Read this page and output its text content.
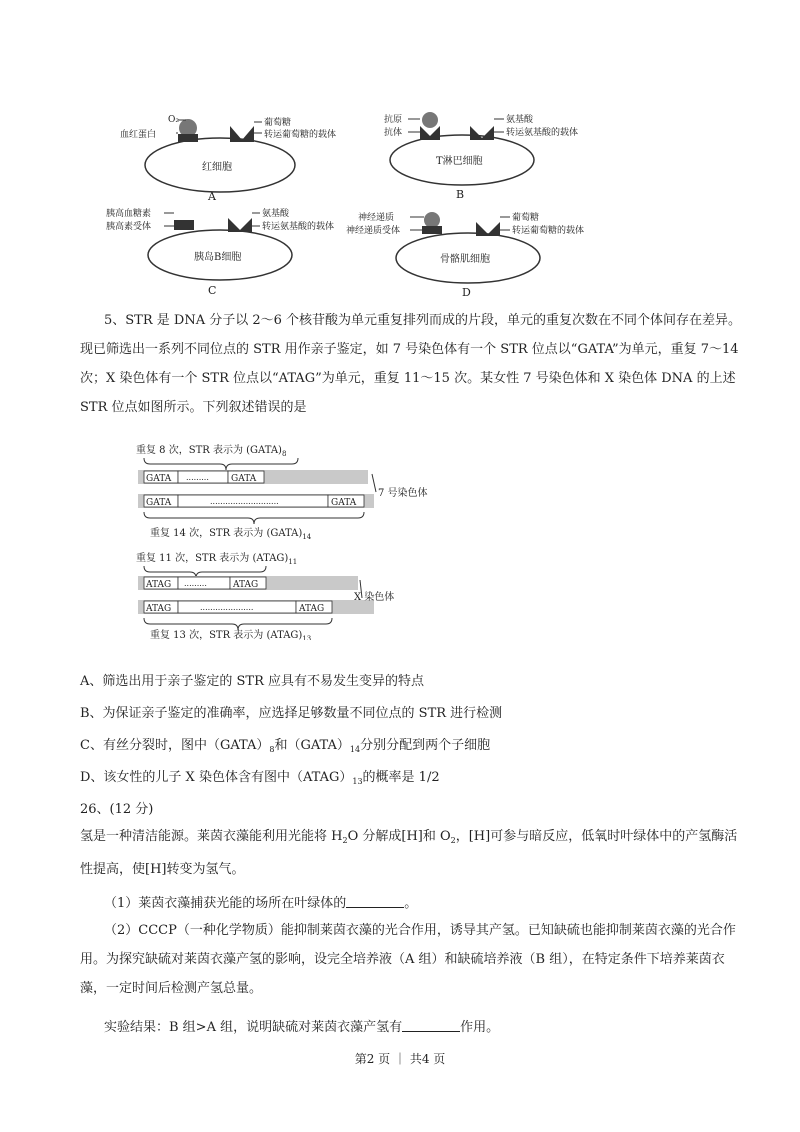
O₂
血红蛋白
葡萄糖
转运葡萄糖的载体
红细胞
A
抗原
抗体
氨基酸
转运氨基酸的载体
T淋巴细胞
B
胰高血糖素
胰高素受体
氨基酸
转运氨基酸的载体
胰岛B细胞
C
神经递质
神经递质受体
葡萄糖
转运葡萄糖的载体
骨骼肌细胞
D
5、STR 是 DNA 分子以 2～6 个核苷酸为单元重复排列而成的片段，单元的重复次数在不同个体间存在差异。现已筛选出一系列不同位点的 STR 用作亲子鉴定，如 7 号染色体有一个 STR 位点以“GATA”为单元，重复 7～14 次；X 染色体有一个 STR 位点以“ATAG”为单元，重复 11～15 次。某女性 7 号染色体和 X 染色体 DNA 的上述 STR 位点如图所示。下列叙述错误的是
重复 8 次，STR 表示为 $(GATA)_8$
GATA ......... GATA
GATA	...........................	GATA
重复 14 次，STR 表示为 $(GATA)_{14}$
7 号染色体
重复 11 次，STR 表示为 $(ATAG)_{11}$
ATAG .........	ATAG
ATAG	.....................	ATAG
重复 13 次，STR 表示为 $(ATAG)_{13}$
X 染色体
A、筛选出用于亲子鉴定的 STR 应具有不易发生变异的特点
B、为保证亲子鉴定的准确率，应选择足够数量不同位点的 STR 进行检测
C、有丝分裂时，图中$(GATA)_8$和$(GATA)_{14}$分别分配到两个子细胞
D、该女性的儿子 X 染色体含有图中$(ATAG)_{13}$的概率是 1/2
26、(12 分)
氢是一种清洁能源。莱茵衣藻能利用光能将 $H_2O$ 分解成[H]和 $O_2$，[H]可参与暗反应，低氧时叶绿体中的产氢酶活性提高，使[H]转变为氢气。
（1）莱茵衣藻捕获光能的场所在叶绿体的	。
（2）CCCP（一种化学物质）能抑制莱茵衣藻的光合作用，诱导其产氢。已知缺硫也能抑制莱茵衣藻的光合作用。为探究缺硫对莱茵衣藻产氢的影响，设完全培养液（A 组）和缺硫培养液（B 组），在特定条件下培养莱茵衣藻，一定时间后检测产氢总量。
实验结果：B 组>A 组，说明缺硫对莱茵衣藻产氢有	作用。
第2 页 ｜ 共4 页
